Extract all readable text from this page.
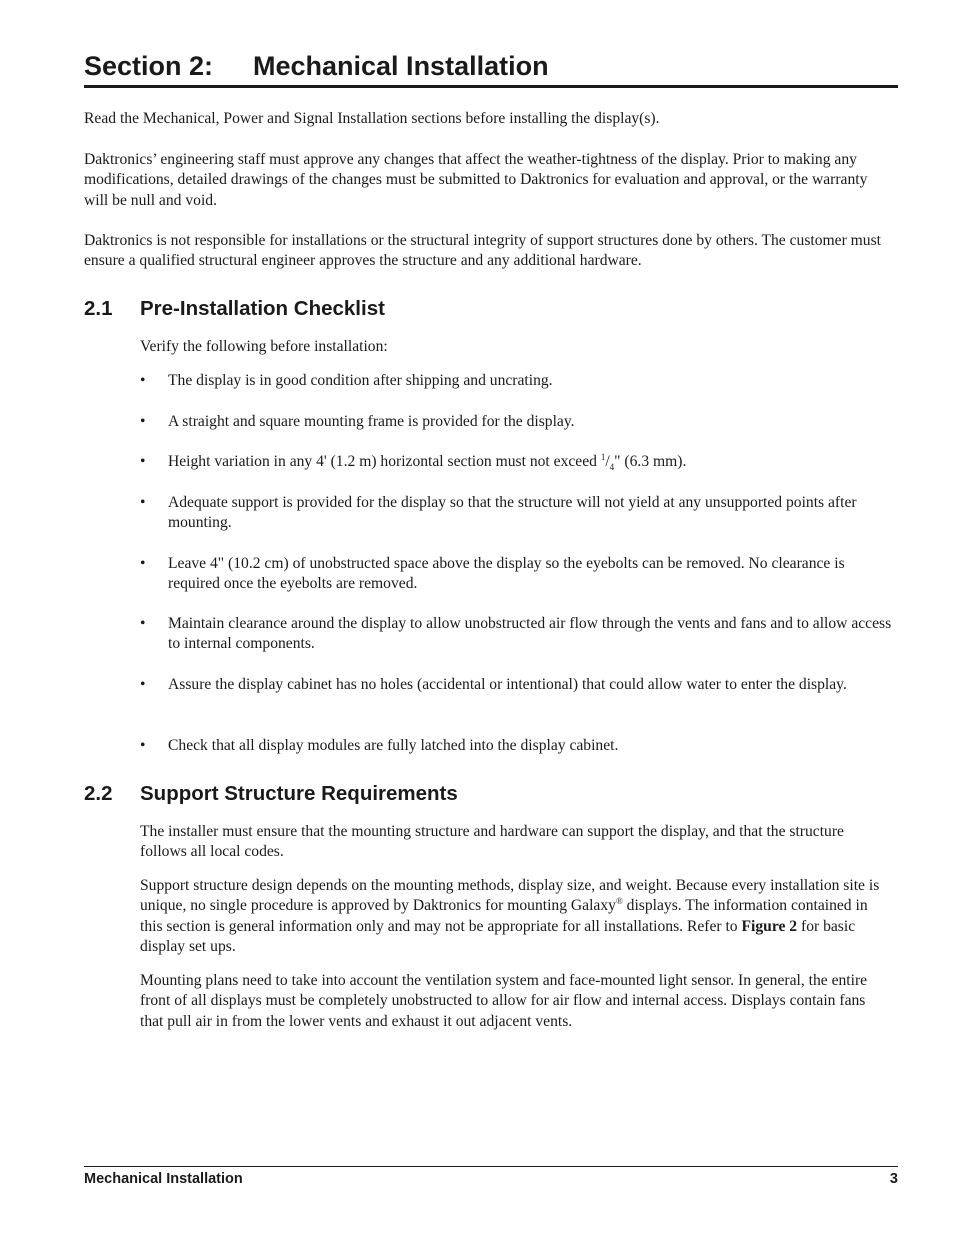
Section 2: Mechanical Installation

Read the Mechanical, Power and Signal Installation sections before installing the display(s).

Daktronics’ engineering staff must approve any changes that affect the weather-tightness of the display. Prior to making any modifications, detailed drawings of the changes must be submitted to Daktronics for evaluation and approval, or the warranty will be null and void.

Daktronics is not responsible for installations or the structural integrity of support structures done by others. The customer must ensure a qualified structural engineer approves the structure and any additional hardware.

2.1 Pre-Installation Checklist

Verify the following before installation:

• The display is in good condition after shipping and uncrating.
• A straight and square mounting frame is provided for the display.
• Height variation in any 4' (1.2 m) horizontal section must not exceed $^1/_4$" (6.3 mm).
• Adequate support is provided for the display so that the structure will not yield at any unsupported points after mounting.
• Leave 4" (10.2 cm) of unobstructed space above the display so the eyebolts can be removed. No clearance is required once the eyebolts are removed.
• Maintain clearance around the display to allow unobstructed air flow through the vents and fans and to allow access to internal components.
• Assure the display cabinet has no holes (accidental or intentional) that could allow water to enter the display.
• Check that all display modules are fully latched into the display cabinet.
2.2 Support Structure Requirements

The installer must ensure that the mounting structure and hardware can support the display, and that the structure follows all local codes.

Support structure design depends on the mounting methods, display size, and weight. Because every installation site is unique, no single procedure is approved by Daktronics for mounting Galaxy® displays. The information contained in this section is general information only and may not be appropriate for all installations. Refer to Figure 2 for basic display set ups.

Mounting plans need to take into account the ventilation system and face-mounted light sensor. In general, the entire front of all displays must be completely unobstructed to allow for air flow and internal access. Displays contain fans that pull air in from the lower vents and exhaust it out adjacent vents.

Mechanical Installation	3
